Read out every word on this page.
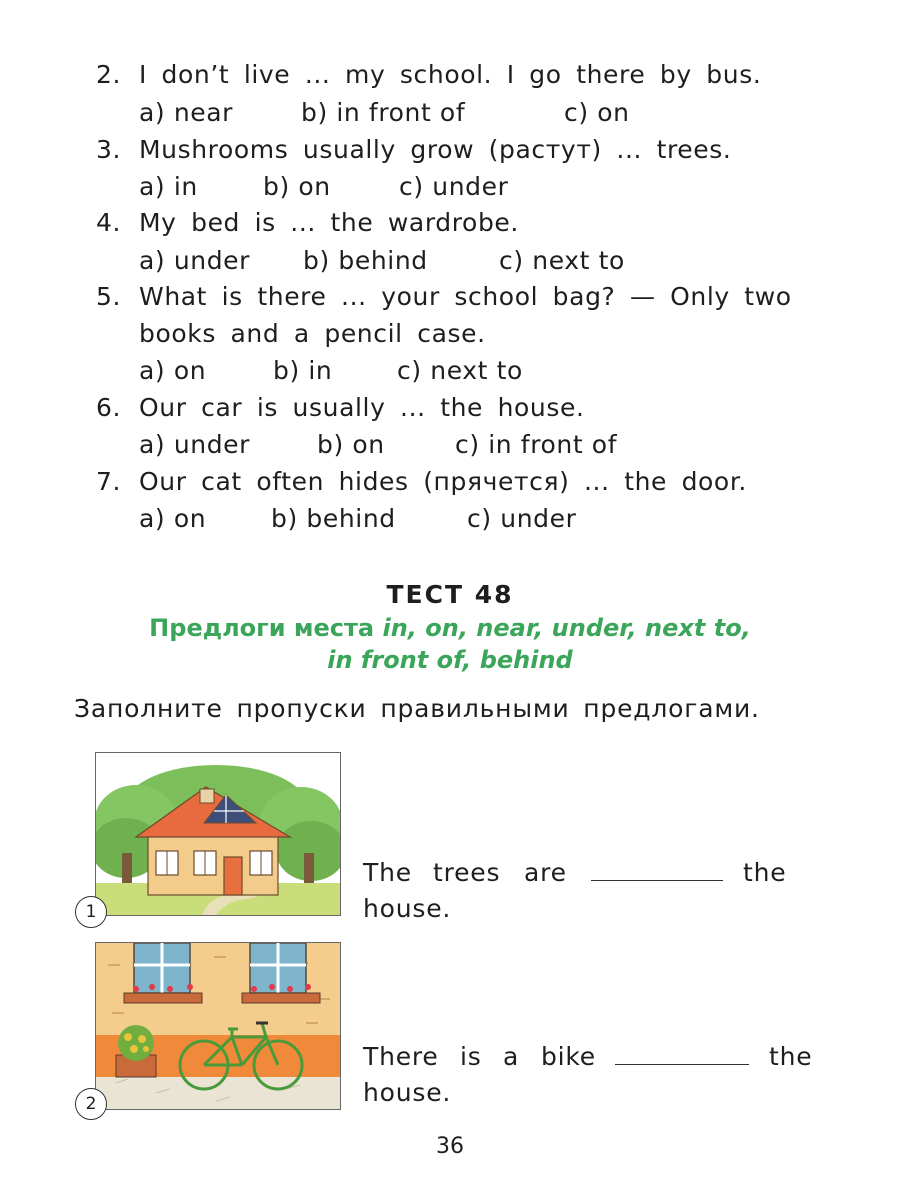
2. I don’t live ... my school. I go there by bus.
a) near	b) in front of	c) on
3. Mushrooms usually grow (растут) ... trees.
a) in	b) on	c) under
4. My bed is ... the wardrobe.
a) under b) behind	c) next to
5. What is there ... your school bag? — Only two
books and a pencil case.
a) on	b) in	c) next to
6. Our car is usually ... the house.
a) under	b) on	c) in front of
7. Our cat often hides (прячется) ... the door.
a) on	b) behind	c) under
ТЕСТ 48
Предлоги места in, on, near, under, next to,
in front of, behind
Заполните пропуски правильными предлогами.
1
The trees are	the
house.
2
There is a bike	the
house.
36
